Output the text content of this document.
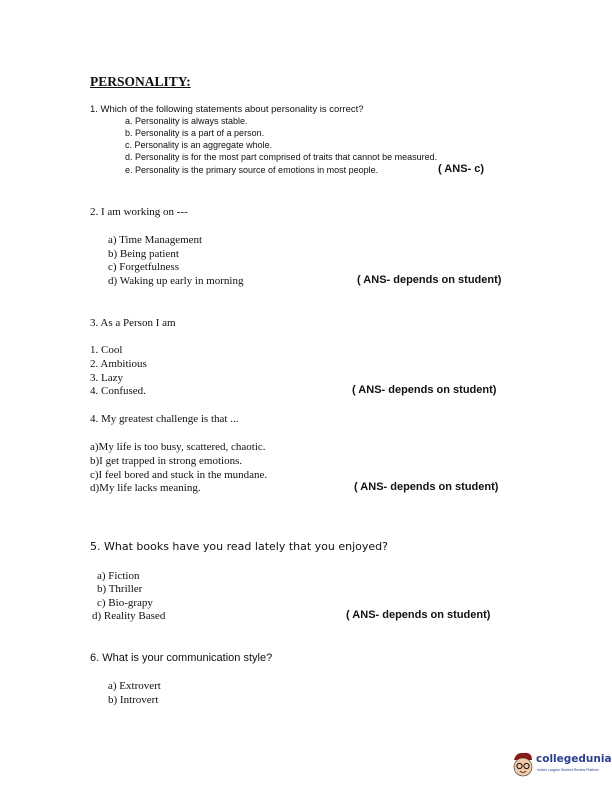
PERSONALITY:
1. Which of the following statements about personality is correct?
a. Personality is always stable.
b. Personality is a part of a person.
c. Personality is an aggregate whole.
d. Personality is for the most part comprised of traits that cannot be measured.
e. Personality is the primary source of emotions in most people.	( ANS- c)
2. I am working on ---
a) Time Management
b) Being patient
c) Forgetfulness
d) Waking up early in morning	( ANS- depends on student)
3. As a Person I am
1. Cool
2. Ambitious
3. Lazy
4. Confused.	( ANS- depends on student)
4. My greatest challenge is that ...
a)My life is too busy, scattered, chaotic.
b)I get trapped in strong emotions.
c)I feel bored and stuck in the mundane.
d)My life lacks meaning.	( ANS- depends on student)
5. What books have you read lately that you enjoyed?
a) Fiction
b) Thriller
c) Bio-grapy
d) Reality Based	( ANS- depends on student)
6. What is your communication style?
a) Extrovert
b) Introvert
collegedunia
India's Largest Student Review Platform
